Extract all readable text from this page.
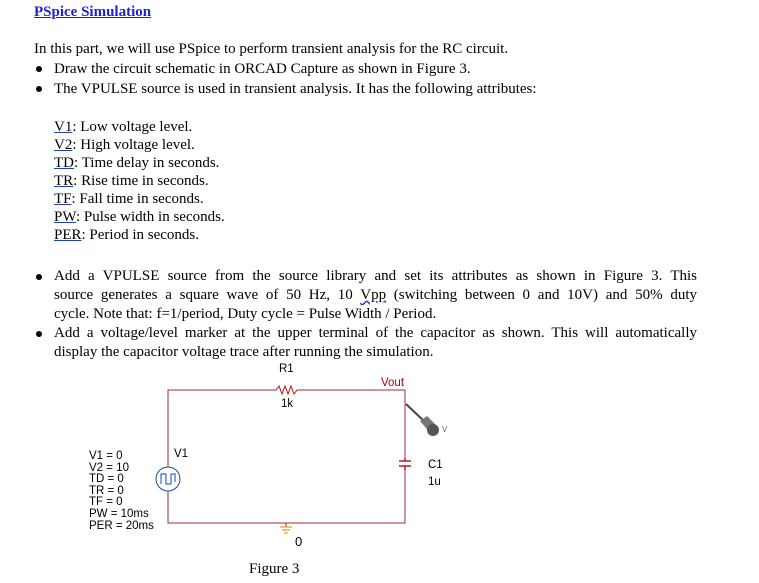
PSpice Simulation
In this part, we will use PSpice to perform transient analysis for the RC circuit.
Draw the circuit schematic in ORCAD Capture as shown in Figure 3.
The VPULSE source is used in transient analysis. It has the following attributes:
V1: Low voltage level.
V2: High voltage level.
TD: Time delay in seconds.
TR: Rise time in seconds.
TF: Fall time in seconds.
PW: Pulse width in seconds.
PER: Period in seconds.
Add a VPULSE source from the source library and set its attributes as shown in Figure 3. This
source generates a square wave of 50 Hz, 10 Vpp (switching between 0 and 10V) and 50% duty
cycle. Note that: f=1/period, Duty cycle = Pulse Width / Period.
Add a voltage/level marker at the upper terminal of the capacitor as shown. This will automatically
display the capacitor voltage trace after running the simulation.
R1
1k
Vout
V
C1
1u
V1
V1 = 0
V2 = 10
TD = 0
TR = 0
TF = 0
PW = 10ms
PER = 20ms
0
Figure 3
